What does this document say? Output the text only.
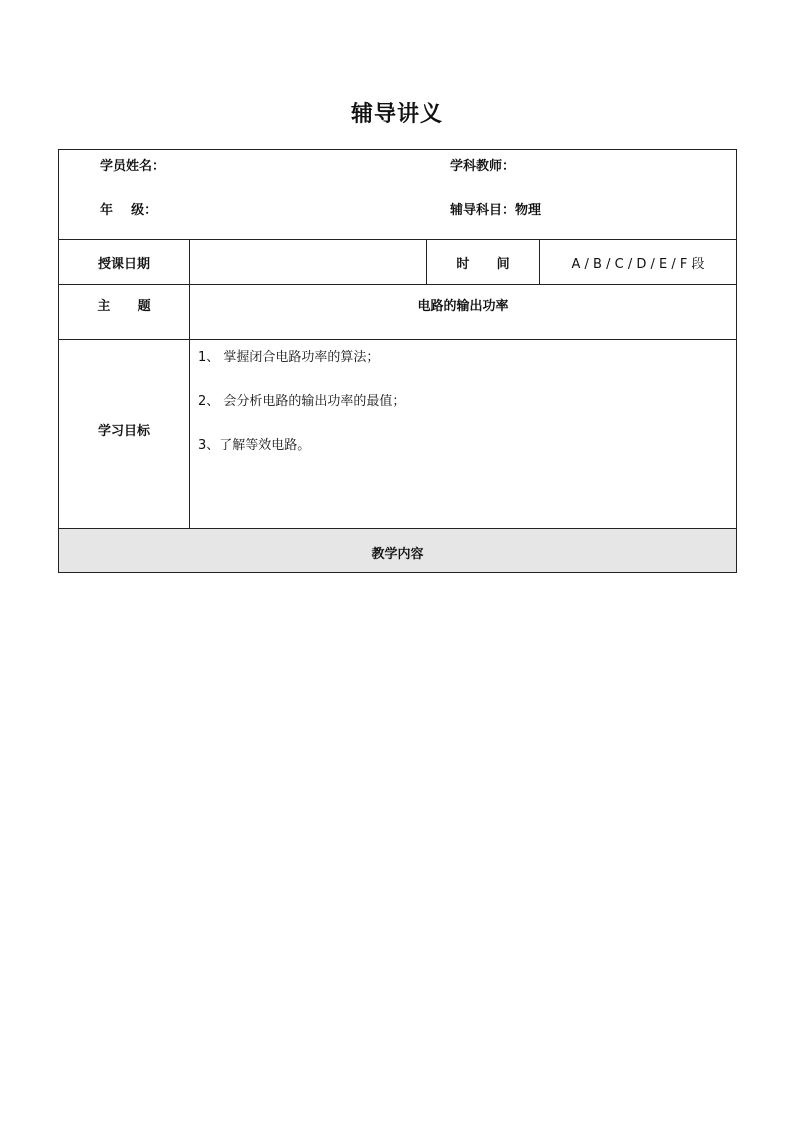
辅导讲义
学员姓名： 学科教师：
年    级： 辅导科目：物理			

授课日期		时      间	A / B / C / D / E / F 段
主      题	电路的输出功率		
学习目标	1、 掌握闭合电路功率的算法；
2、 会分析电路的输出功率的最值；
3、了解等效电路。		

教学内容			
